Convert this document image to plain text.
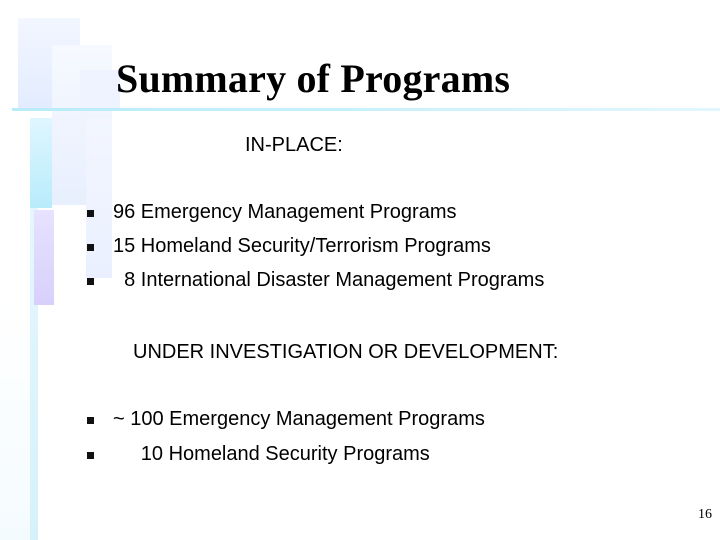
Summary of Programs
IN-PLACE:
96 Emergency Management Programs
15 Homeland Security/Terrorism Programs
8 International Disaster Management Programs
UNDER INVESTIGATION OR DEVELOPMENT:
~ 100 Emergency Management Programs
10 Homeland Security Programs
16
